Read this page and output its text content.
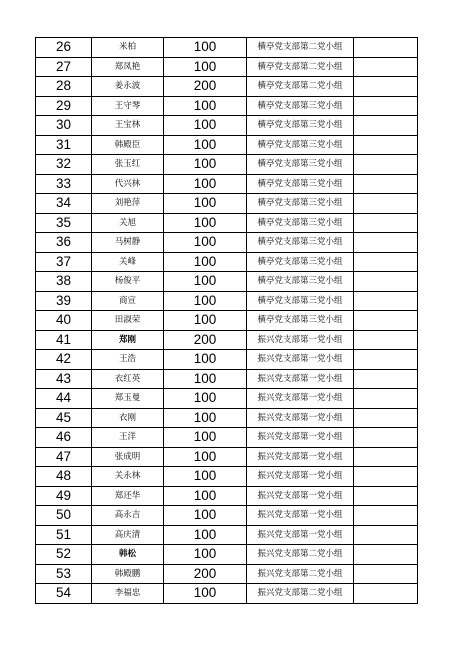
26	米柏	100	横亭党支部第二党小组	
27	郑凤艳	100	横亭党支部第二党小组	
28	姜永波	200	横亭党支部第二党小组	
29	王守琴	100	横亭党支部第三党小组	
30	王宝林	100	横亭党支部第三党小组	
31	韩殿臣	100	横亭党支部第三党小组	
32	张玉红	100	横亭党支部第三党小组	
33	代兴林	100	横亭党支部第三党小组	
34	刘艳萍	100	横亭党支部第三党小组	
35	关旭	100	横亭党支部第三党小组	
36	马树静	100	横亭党支部第三党小组	
37	关峰	100	横亭党支部第三党小组	
38	杨俊平	100	横亭党支部第三党小组	
39	商宣	100	横亭党支部第三党小组	
40	田淑荣	100	横亭党支部第三党小组	
41	郑刚	200	振兴党支部第一党小组	
42	王浩	100	振兴党支部第一党小组	
43	衣红英	100	振兴党支部第一党小组	
44	郑玉曼	100	振兴党支部第一党小组	
45	衣刚	100	振兴党支部第一党小组	
46	王洋	100	振兴党支部第一党小组	
47	张成明	100	振兴党支部第一党小组	
48	关永林	100	振兴党支部第一党小组	
49	郑还华	100	振兴党支部第一党小组	
50	高永吉	100	振兴党支部第一党小组	
51	高庆清	100	振兴党支部第一党小组	
52	韩松	100	振兴党支部第二党小组	
53	韩殿鹏	200	振兴党支部第二党小组	
54	李福忠	100	振兴党支部第二党小组	
